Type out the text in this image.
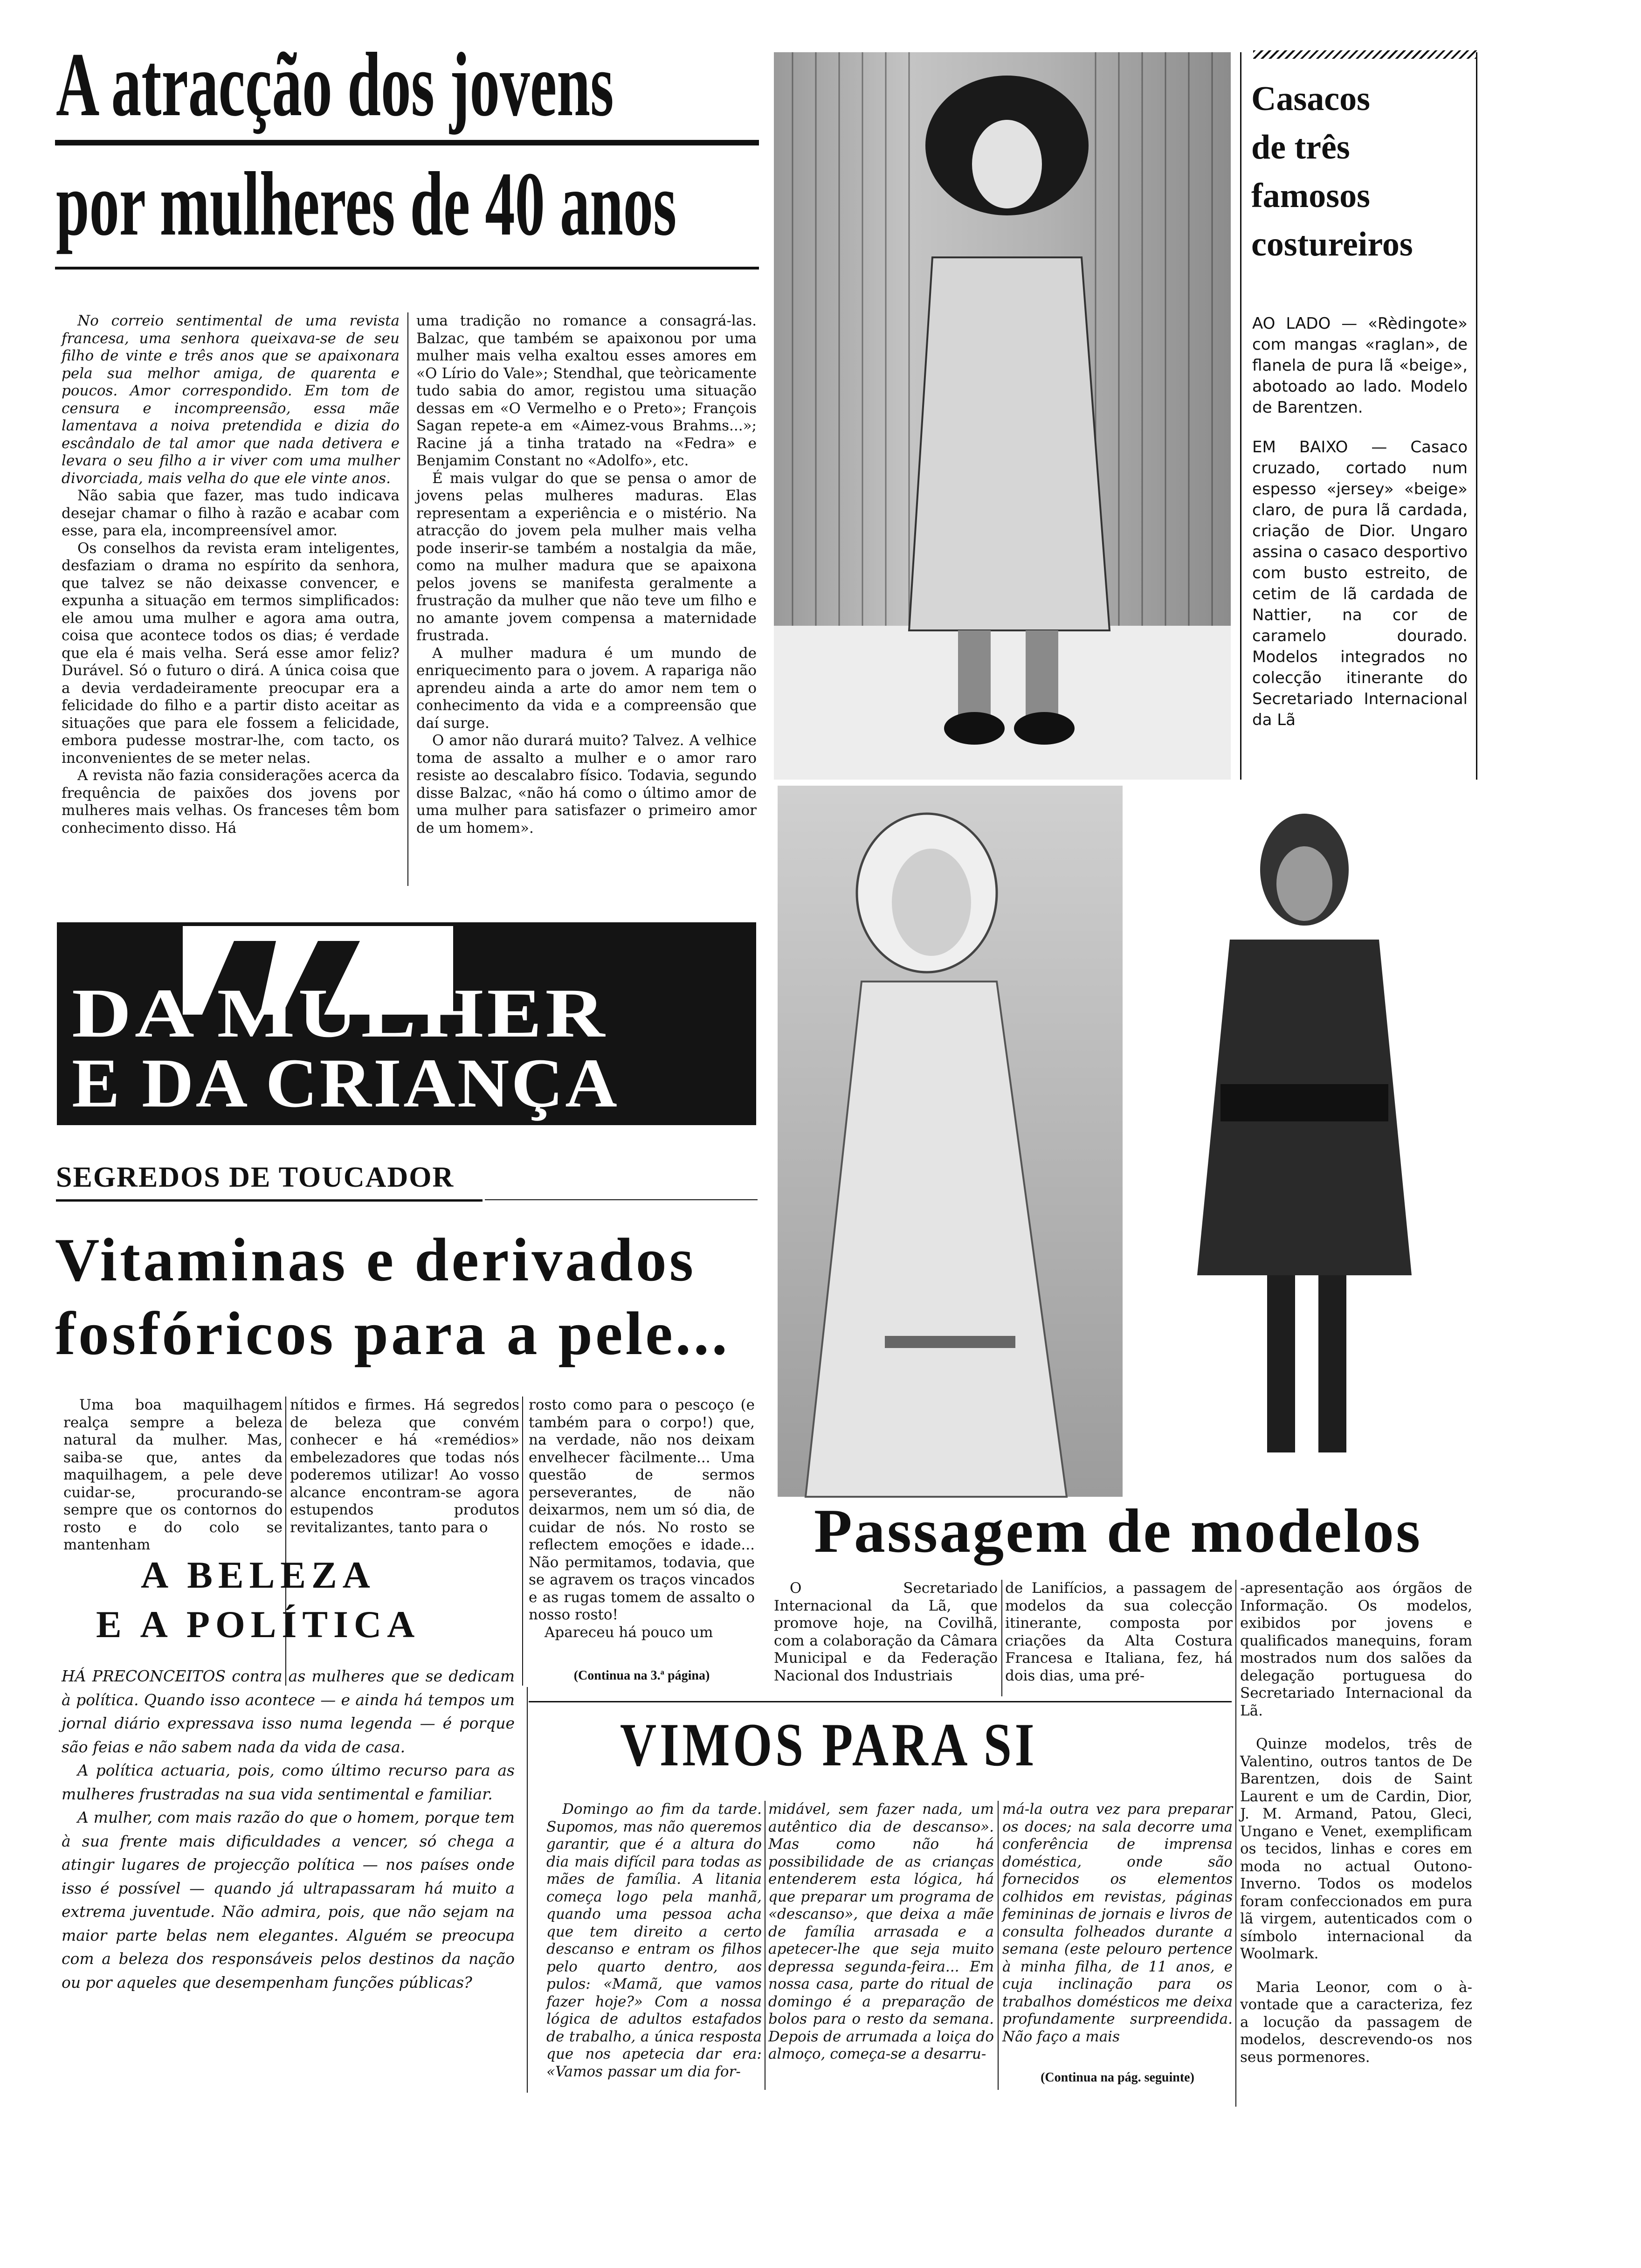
A atracção dos jovens
por mulheres de 40 anos

No correio sentimental de uma revista francesa, uma senhora queixava-se de seu filho de vinte e três anos que se apaixonara pela sua melhor amiga, de quarenta e poucos. Amor correspondido. Em tom de censura e incompreensão, essa mãe lamentava a noiva pretendida e dizia do escândalo de tal amor que nada detivera e levara o seu filho a ir viver com uma mulher divorciada, mais velha do que ele vinte anos.

Não sabia que fazer, mas tudo indicava desejar chamar o filho à razão e acabar com esse, para ela, incompreensível amor.

Os conselhos da revista eram inteligentes, desfaziam o drama no espírito da senhora, que talvez se não deixasse convencer, e expunha a situação em termos simplificados: ele amou uma mulher e agora ama outra, coisa que acontece todos os dias; é verdade que ela é mais velha. Será esse amor feliz? Durável. Só o futuro o dirá. A única coisa que a devia verdadeiramente preocupar era a felicidade do filho e a partir disto aceitar as situações que para ele fossem a felicidade, embora pudesse mostrar-lhe, com tacto, os inconvenientes de se meter nelas.

A revista não fazia considerações acerca da frequência de paixões dos jovens por mulheres mais velhas. Os franceses têm bom conhecimento disso. Há

uma tradição no romance a consagrá-las. Balzac, que também se apaixonou por uma mulher mais velha exaltou esses amores em «O Lírio do Vale»; Stendhal, que teòricamente tudo sabia do amor, registou uma situação dessas em «O Vermelho e o Preto»; François Sagan repete-a em «Aimez-vous Brahms...»; Racine já a tinha tratado na «Fedra» e Benjamim Constant no «Adolfo», etc.

É mais vulgar do que se pensa o amor de jovens pelas mulheres maduras. Elas representam a experiência e o mistério. Na atracção do jovem pela mulher mais velha pode inserir-se também a nostalgia da mãe, como na mulher madura que se apaixona pelos jovens se manifesta geralmente a frustração da mulher que não teve um filho e no amante jovem compensa a maternidade frustrada.

A mulher madura é um mundo de enriquecimento para o jovem. A rapariga não aprendeu ainda a arte do amor nem tem o conhecimento da vida e a compreensão que daí surge.

O amor não durará muito? Talvez. A velhice toma de assalto a mulher e o amor raro resiste ao descalabro físico. Todavia, segundo disse Balzac, «não há como o último amor de uma mulher para satisfazer o primeiro amor de um homem».

DA MULHER
E DA CRIANÇA
SEGREDOS DE TOUCADOR
Vitaminas e derivados
fosfóricos para a pele...

Uma boa maquilhagem realça sempre a beleza natural da mulher. Mas, saiba-se que, antes da maquilhagem, a pele deve cuidar-se, procurando-se sempre que os contornos do rosto e do colo se mantenham

nítidos e firmes. Há segredos de beleza que convém conhecer e há «remédios» embelezadores que todas nós poderemos utilizar! Ao vosso alcance encontram-se agora estupendos produtos revitalizantes, tanto para o

rosto como para o pescoço (e também para o corpo!) que, na verdade, não nos deixam envelhecer fàcilmente... Uma questão de sermos perseverantes, de não deixarmos, nem um só dia, de cuidar de nós. No rosto se reflectem emoções e idade... Não permitamos, todavia, que se agravem os traços vincados e as rugas tomem de assalto o nosso rosto!

Apareceu há pouco um

(Continua na 3.ª página)
A BELEZA
E A POLÍTICA

HÁ PRECONCEITOS contra as mulheres que se dedicam à política. Quando isso acontece — e ainda há tempos um jornal diário expressava isso numa legenda — é porque são feias e não sabem nada da vida de casa.

A política actuaria, pois, como último recurso para as mulheres frustradas na sua vida sentimental e familiar.

A mulher, com mais razão do que o homem, porque tem à sua frente mais dificuldades a vencer, só chega a atingir lugares de projecção política — nos países onde isso é possível — quando já ultrapassaram há muito a extrema juventude. Não admira, pois, que não sejam na maior parte belas nem elegantes. Alguém se preocupa com a beleza dos responsáveis pelos destinos da nação ou por aqueles que desempenham funções públicas?

Casacos
de três
famosos
costureiros

AO LADO — «Rèdingote» com mangas «raglan», de flanela de pura lã «beige», abotoado ao lado. Modelo de Barentzen.

EM BAIXO — Casaco cruzado, cortado num espesso «jersey» «beige» claro, de pura lã cardada, criação de Dior. Ungaro assina o casaco desportivo com busto estreito, de cetim de lã cardada de Nattier, na cor de caramelo dourado. Modelos integrados no colecção itinerante do Secretariado Internacional da Lã

Passagem de modelos

O Secretariado Internacional da Lã, que promove hoje, na Covilhã, com a colaboração da Câmara Municipal e da Federação Nacional dos Industriais

de Lanifícios, a passagem de modelos da sua colecção itinerante, composta por criações da Alta Costura Francesa e Italiana, fez, há dois dias, uma pré-

-apresentação aos órgãos de Informação. Os modelos, exibidos por jovens e qualificados manequins, foram mostrados num dos salões da delegação portuguesa do Secretariado Internacional da Lã.

Quinze modelos, três de Valentino, outros tantos de De Barentzen, dois de Saint Laurent e um de Cardin, Dior, J. M. Armand, Patou, Gleci, Ungano e Venet, exemplificam os tecidos, linhas e cores em moda no actual Outono-Inverno. Todos os modelos foram confeccionados em pura lã virgem, autenticados com o símbolo internacional da Woolmark.

Maria Leonor, com o à-vontade que a caracteriza, fez a locução da passagem de modelos, descrevendo-os nos seus pormenores.

VIMOS PARA SI

Domingo ao fim da tarde. Supomos, mas não queremos garantir, que é a altura do dia mais difícil para todas as mães de família. A litania começa logo pela manhã, quando uma pessoa acha que tem direito a certo descanso e entram os filhos pelo quarto dentro, aos pulos: «Mamã, que vamos fazer hoje?» Com a nossa lógica de adultos estafados de trabalho, a única resposta que nos apetecia dar era: «Vamos passar um dia for-

midável, sem fazer nada, um autêntico dia de descanso». Mas como não há possibilidade de as crianças entenderem esta lógica, há que preparar um programa de «descanso», que deixa a mãe de família arrasada e a apetecer-lhe que seja muito depressa segunda-feira... Em nossa casa, parte do ritual de domingo é a preparação de bolos para o resto da semana. Depois de arrumada a loiça do almoço, começa-se a desarru-

má-la outra vez para preparar os doces; na sala decorre uma conferência de imprensa doméstica, onde são fornecidos os elementos colhidos em revistas, páginas femininas de jornais e livros de consulta folheados durante a semana (este pelouro pertence à minha filha, de 11 anos, e cuja inclinação para os trabalhos domésticos me deixa profundamente surpreendida. Não faço a mais

(Continua na pág. seguinte)
